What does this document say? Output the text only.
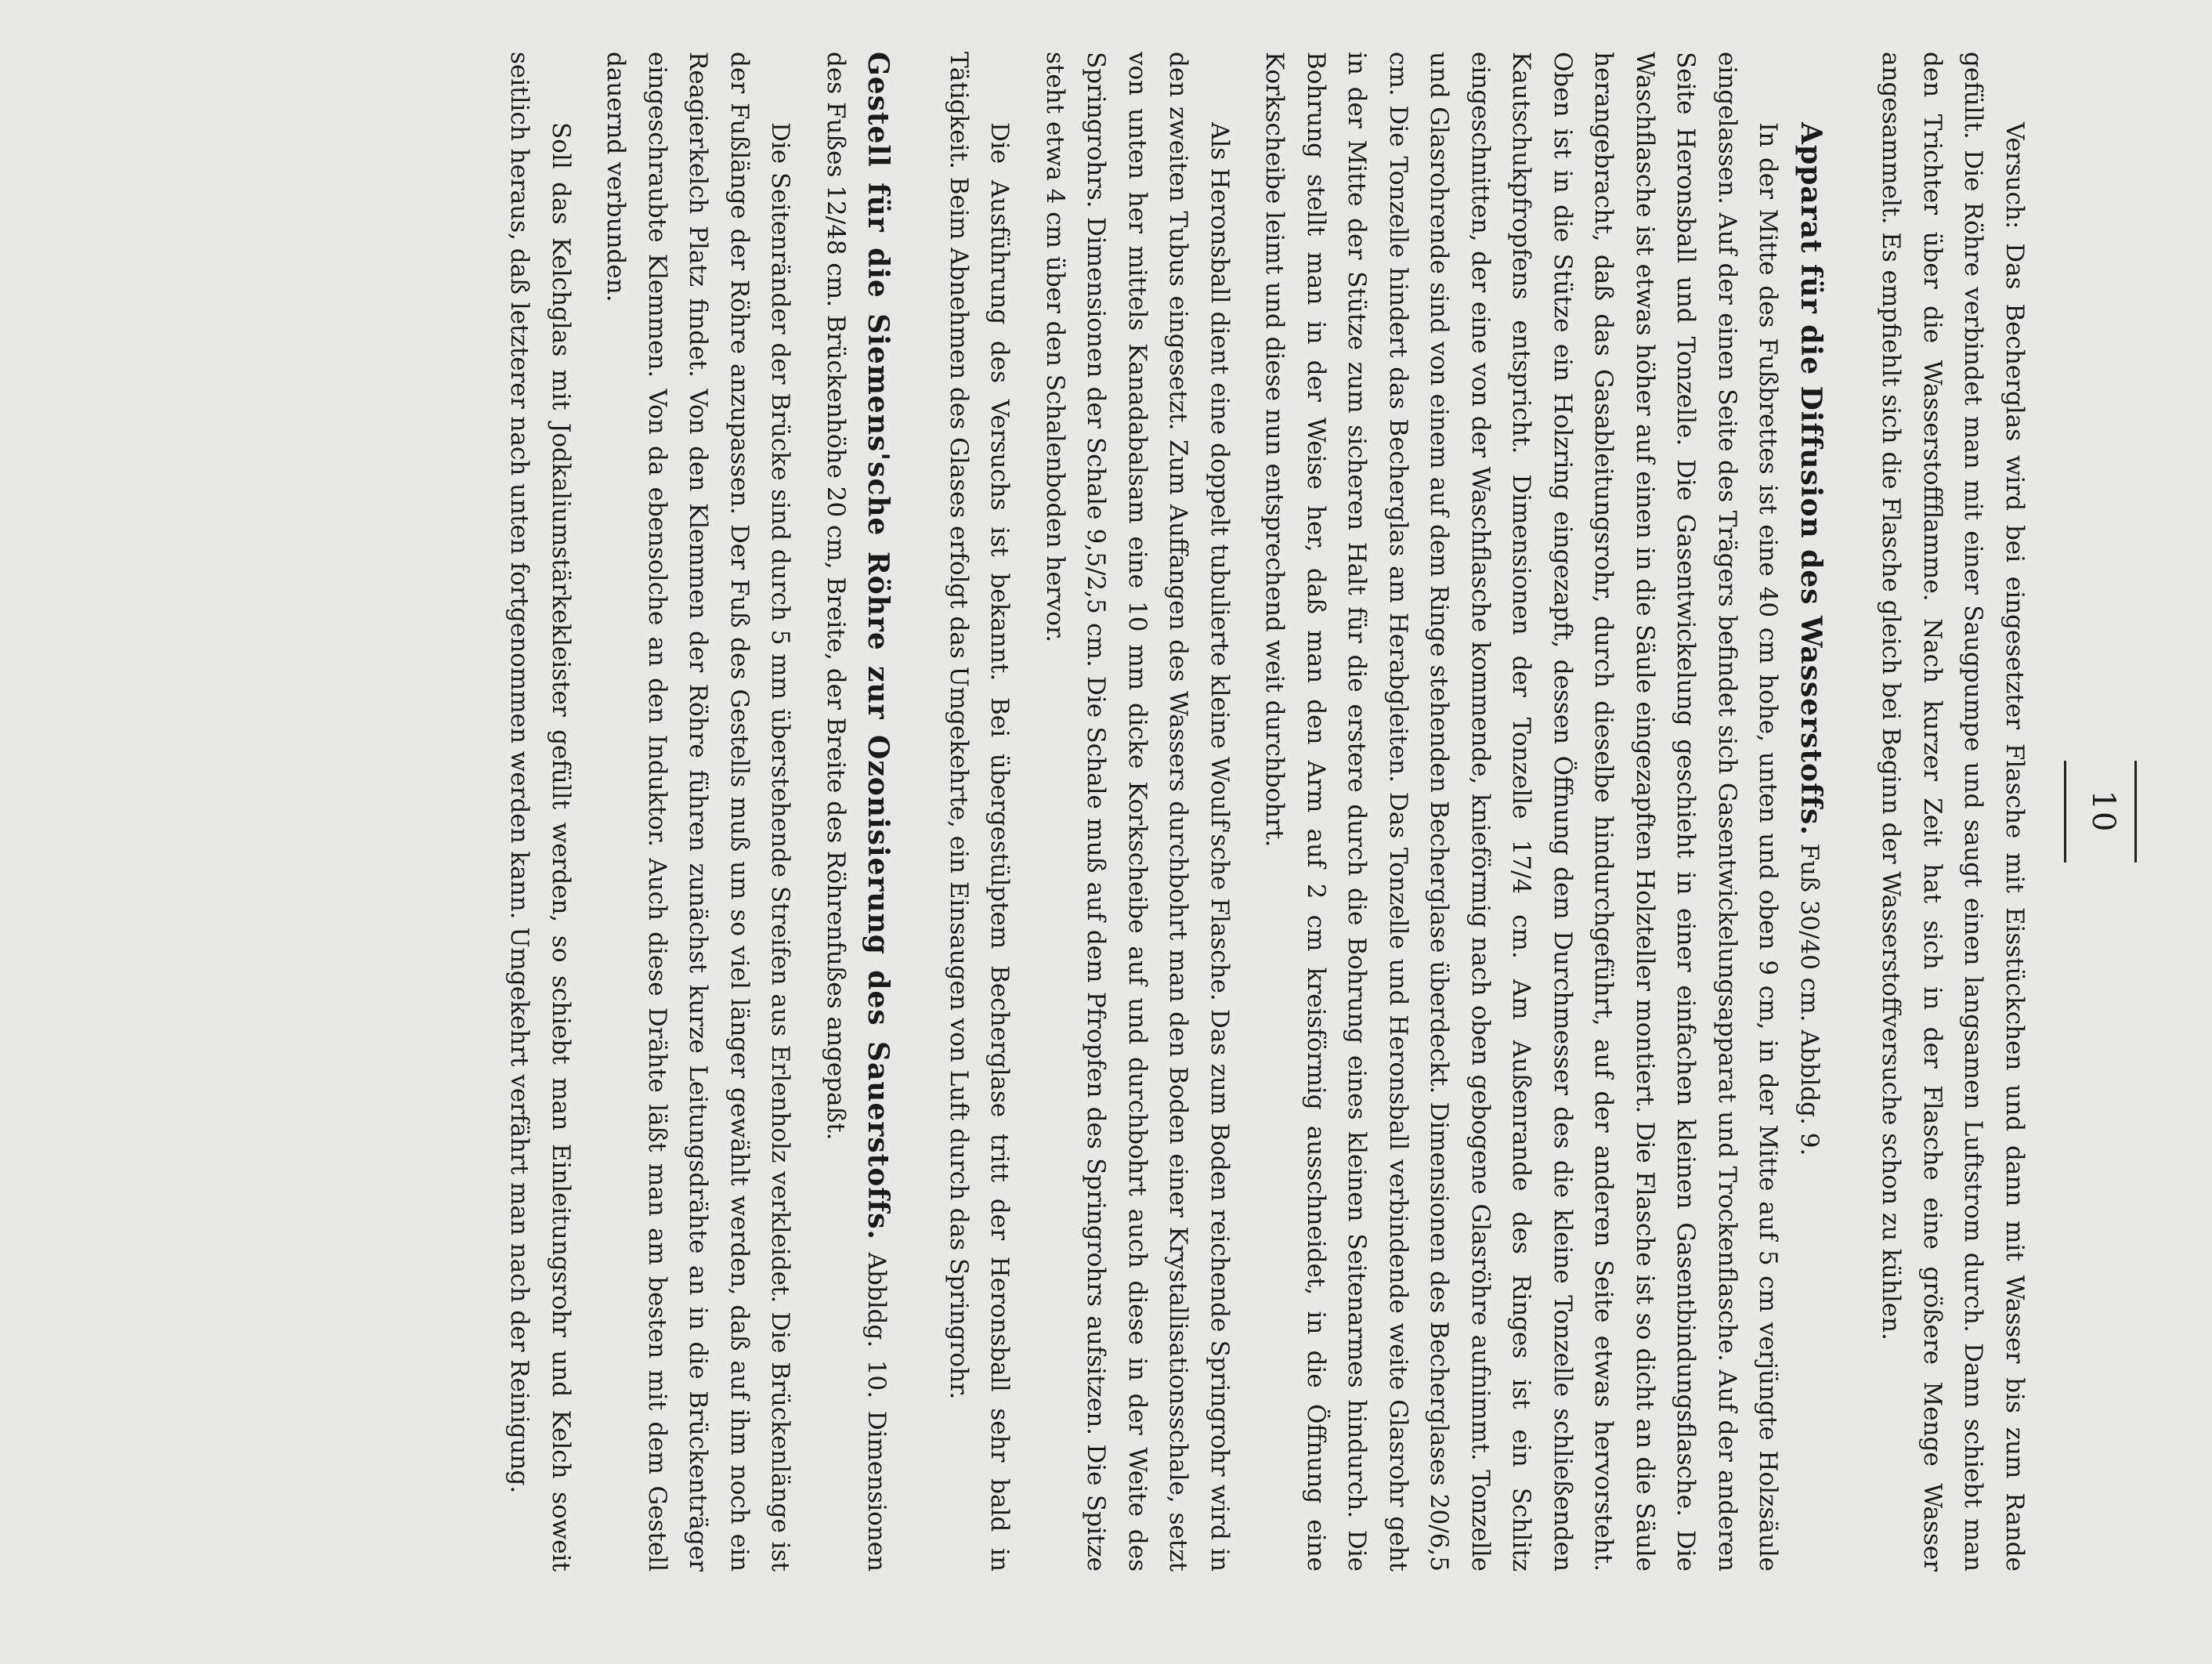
10

Versuch: Das Becherglas wird bei eingesetzter Flasche mit Eisstückchen und dann mit Wasser bis zum Rande gefüllt. Die Röhre verbindet man mit einer Saugpumpe und saugt einen langsamen Luftstrom durch. Dann schiebt man den Trichter über die Wasserstoffflamme. Nach kurzer Zeit hat sich in der Flasche eine größere Menge Wasser angesammelt. Es empfiehlt sich die Flasche gleich bei Beginn der Wasserstoffversuche schon zu kühlen.

Apparat für die Diffusion des Wasserstoffs. Fuß 30/40 cm. Abbldg. 9.

In der Mitte des Fußbrettes ist eine 40 cm hohe, unten und oben 9 cm, in der Mitte auf 5 cm verjüngte Holzsäule eingelassen. Auf der einen Seite des Trägers befindet sich Gasentwickelungsapparat und Trockenflasche. Auf der anderen Seite Heronsball und Tonzelle. Die Gasentwickelung geschieht in einer einfachen kleinen Gasentbindungsflasche. Die Waschflasche ist etwas höher auf einen in die Säule eingezapften Holzteller montiert. Die Flasche ist so dicht an die Säule herangebracht, daß das Gasableitungsrohr, durch dieselbe hindurchgeführt, auf der anderen Seite etwas hervorsteht. Oben ist in die Stütze ein Holzring eingezapft, dessen Öffnung dem Durchmesser des die kleine Tonzelle schließenden Kautschukpfropfens entspricht. Dimensionen der Tonzelle 17/4 cm. Am Außenrande des Ringes ist ein Schlitz eingeschnitten, der eine von der Waschflasche kommende, knieförmig nach oben gebogene Glasröhre aufnimmt. Tonzelle und Glasrohrende sind von einem auf dem Ringe stehenden Becherglase überdeckt. Dimensionen des Becherglases 20/6,5 cm. Die Tonzelle hindert das Becherglas am Herabgleiten. Das Tonzelle und Heronsball verbindende weite Glasrohr geht in der Mitte der Stütze zum sicheren Halt für die erstere durch die Bohrung eines kleinen Seitenarmes hindurch. Die Bohrung stellt man in der Weise her, daß man den Arm auf 2 cm kreisförmig ausschneidet, in die Öffnung eine Korkscheibe leimt und diese nun entsprechend weit durchbohrt.

Als Heronsball dient eine doppelt tubulierte kleine Woulf'sche Flasche. Das zum Boden reichende Springrohr wird in den zweiten Tubus eingesetzt. Zum Auffangen des Wassers durchbohrt man den Boden einer Krystallisationsschale, setzt von unten her mittels Kanadabalsam eine 10 mm dicke Korkscheibe auf und durchbohrt auch diese in der Weite des Springrohrs. Dimensionen der Schale 9,5/2,5 cm. Die Schale muß auf dem Pfropfen des Springrohrs aufsitzen. Die Spitze steht etwa 4 cm über den Schalenboden hervor.

Die Ausführung des Versuchs ist bekannt. Bei übergestülptem Becherglase tritt der Heronsball sehr bald in Tätigkeit. Beim Abnehmen des Glases erfolgt das Umgekehrte, ein Einsaugen von Luft durch das Springrohr.

Gestell für die Siemens'sche Röhre zur Ozonisierung des Sauerstoffs. Abbldg. 10. Dimensionen des Fußes 12/48 cm. Brückenhöhe 20 cm, Breite, der Breite des Röhrenfußes angepaßt.

Die Seitenränder der Brücke sind durch 5 mm überstehende Streifen aus Erlenholz verkleidet. Die Brückenlänge ist der Fußlänge der Röhre anzupassen. Der Fuß des Gestells muß um so viel länger gewählt werden, daß auf ihm noch ein Reagierkelch Platz findet. Von den Klemmen der Röhre führen zunächst kurze Leitungsdrähte an in die Brückenträger eingeschraubte Klemmen. Von da ebensolche an den Induktor. Auch diese Drähte läßt man am besten mit dem Gestell dauernd verbunden.

Soll das Kelchglas mit Jodkaliumstärkekleister gefüllt werden, so schiebt man Einleitungsrohr und Kelch soweit seitlich heraus, daß letzterer nach unten fortgenommen werden kann. Umgekehrt verfährt man nach der Reinigung.
